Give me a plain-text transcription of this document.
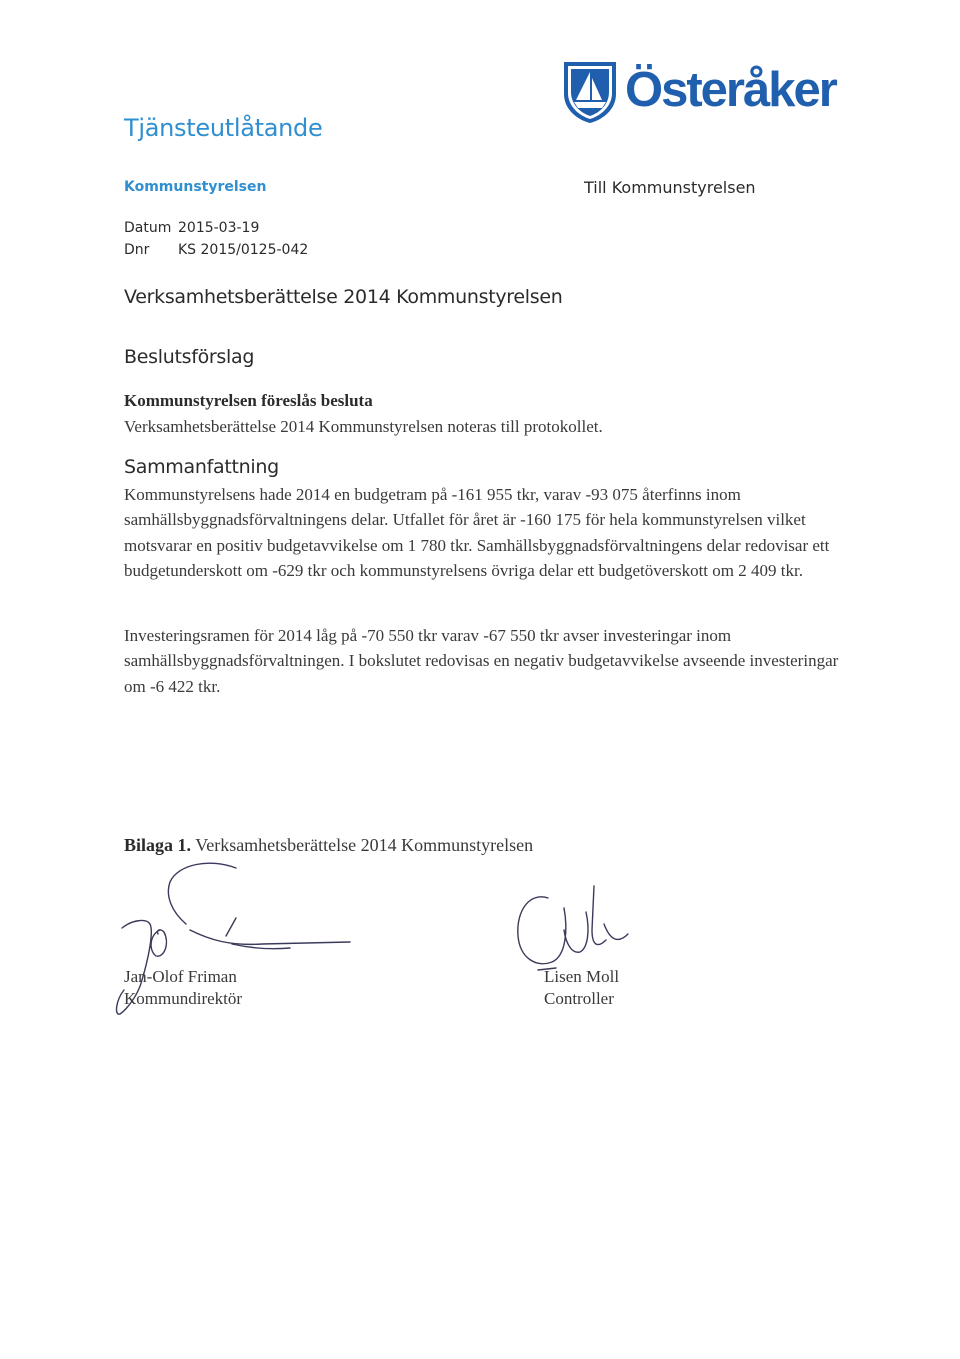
Tjänsteutlåtande
Österåker
Kommunstyrelsen	Till Kommunstyrelsen
Datum 2015-03-19
Dnr KS 2015/0125-042
Verksamhetsberättelse 2014 Kommunstyrelsen
Beslutsförslag
Kommunstyrelsen föreslås besluta
Verksamhetsberättelse 2014 Kommunstyrelsen noteras till protokollet.
Sammanfattning
Kommunstyrelsens hade 2014 en budgetram på -161 955 tkr, varav -93 075 återfinns inom samhällsbyggnadsförvaltningens delar. Utfallet för året är -160 175 för hela kommunstyrelsen vilket motsvarar en positiv budgetavvikelse om 1 780 tkr. Samhällsbyggnadsförvaltningens delar redovisar ett budgetunderskott om -629 tkr och kommunstyrelsens övriga delar ett budgetöverskott om 2 409 tkr.
Investeringsramen för 2014 låg på -70 550 tkr varav -67 550 tkr avser investeringar inom samhällsbyggnadsförvaltningen. I bokslutet redovisas en negativ budgetavvikelse avseende investeringar om -6 422 tkr.
Bilaga 1. Verksamhetsberättelse 2014 Kommunstyrelsen
Jan-Olof Friman
Kommundirektör
Lisen Moll
Controller
